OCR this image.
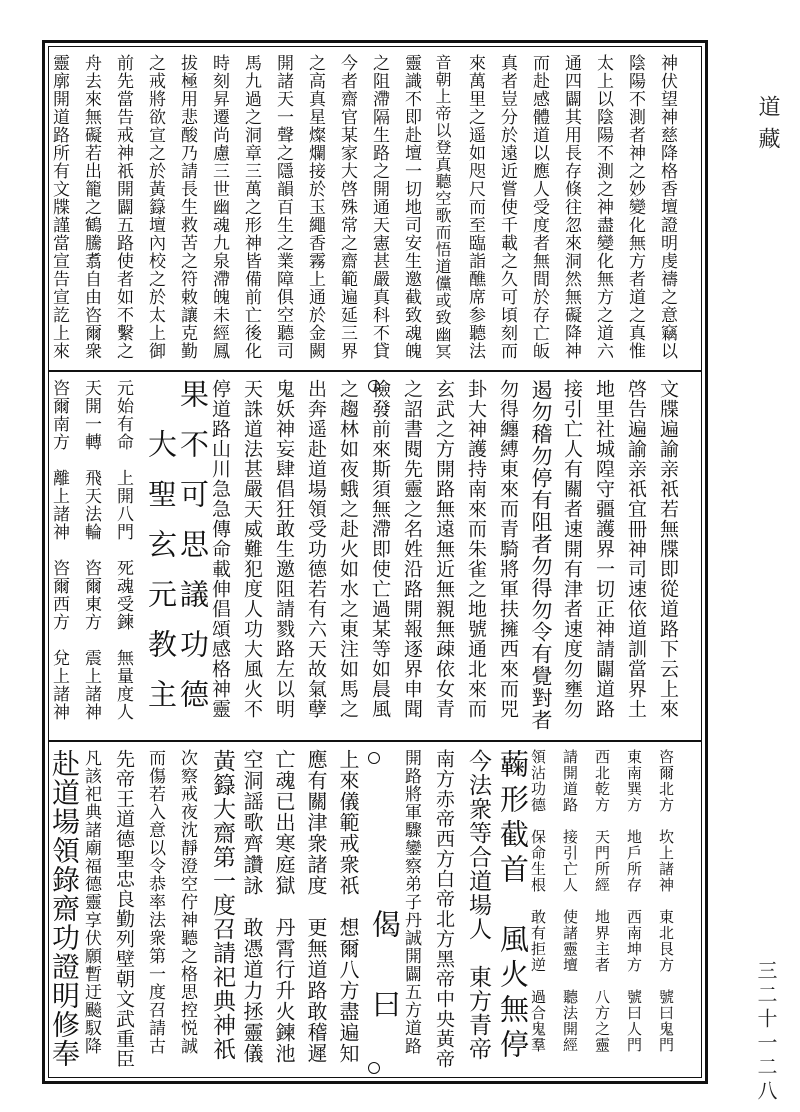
神伏望神慈降格香壇證明虔禱之意竊以
陰陽不測者神之妙變化無方者道之真惟
太上以陰陽不測之神盡變化無方之道六
通四闢其用長存倏往忽來洞然無礙降神
而赴感體道以應人受度者無間於存亡皈
真者豈分於遠近嘗使千載之久可頃刻而
來萬里之遥如咫尺而至臨詣醮席参聽法
音朝上帝以登真聽空歌而悟道儻或致幽冥
靈識不即赴壇一切地司安生邀截致魂魄
之阻滯隔生路之開通天憲甚嚴真科不貸
今者齋官某家大啓殊常之齋範遍延三界
之高真星燦爛接於玉繩香霧上通於金闕
開諸天一聲之隱韻百生之業障俱空聽司
馬九過之洞章三萬之形神皆備前亡後化
時刻昇遷尚慮三世幽魂九泉滯魄未經鳳
拔極用悲酸乃請長生救苦之符敕讓克勤
之戒將欲宣之於黃籙壇內校之於太上御
前先當告戒神祇開闢五路使者如不繫之
舟去來無礙若出籠之鶴騰翥自由咨爾衆
靈廓開道路所有文牒謹當宣告宣訖上來
文牒遍諭亲祇若無牒即從道路下云上來
啓告遍諭亲祇宜冊神司速依道訓當界土
地里社城隍守疆護界一切正神請闢道路
接引亡人有關者速開有津者速度勿壅勿
遏勿稽勿停有阻者勿得勿令有覺對者
勿得纏縛東來而青騎將軍扶擁西來而兕
卦大神護持南來而朱雀之地號通北來而
玄武之方開路無遠無近無親無疎依女青
之詔書閱先靈之名姓沿路開報逐界申聞
檢發前來斯須無滯即使亡過某等如晨風
之趨林如夜蛾之赴火如水之東注如馬之
出奔遥赴道場領受功德若有六天故氣孽
鬼妖神妄肆倡狂敢生邀阻請戮路左以明
天誅道法甚嚴天威難犯度人功大風火不
停道路山川急急傳命載伸倡頌感格神靈
果不可思議功德
　大聖玄元教主
元始有命　上開八門　死魂受鍊　無量度人
天開一轉　飛天法輪　咨爾東方　震上諸神
咨爾南方　離上諸神　咨爾西方　兌上諸神
咨爾北方　坎上諸神　東北艮方　號曰鬼門
東南巽方　地戶所存　西南坤方　號曰人門
西北乾方　天門所經　地界主者　八方之靈
請開道路　接引亡人　使諸靈壇　聽法開經
領沾功德　保命生根　敢有拒逆　過合鬼羣
蘜形截首　風火無停
今法衆等合道場人　東方青帝
南方赤帝西方白帝北方黑帝中央黃帝
開路將軍驟鑾察弟子丹誠開闢五方道路
　　偈曰
上來儀範戒衆祇　想爾八方盡遍知
應有關津衆諸度　更無道路敢稽遲
亡魂已出寒庭獄　丹霄行升火鍊池
空洞謡歌齊讚詠　敢憑道力拯靈儀
黃籙大齋第一度召請祀典神祇
次察戒夜沈靜澄空佇神聽之格思控悦誠
而傷若入意以令恭率法衆第一度召請古
先帝王道德聖忠良勤列壁朝文武重臣
凡該祀典諸廟福德靈享伏願暫迂飈馭降
赴道場領錄齋功證明修奉
道藏
三二十一二八
